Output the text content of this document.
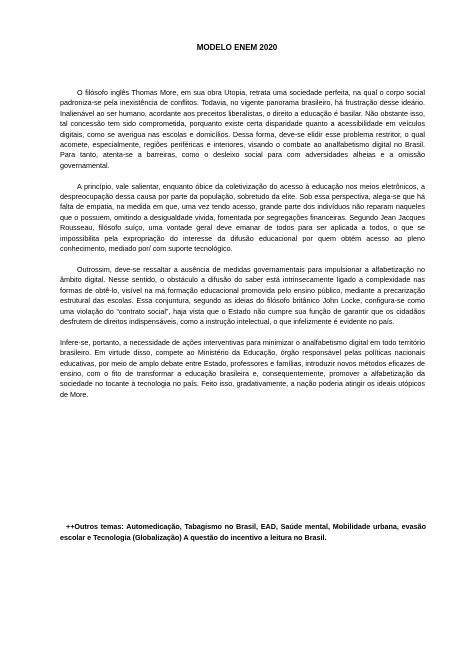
MODELO ENEM 2020

O filósofo inglês Thomas More, em sua obra Utopia, retrata uma sociedade perfeita, na qual o corpo social padroniza-se pela inexistência de conflitos. Todavia, no vigente panorama brasileiro, há frustração desse ideário. Inalienável ao ser humano, acordante aos preceitos liberalistas, o direito a educação é basilar. Não obstante isso, tal concessão tem sido comprometida, porquanto existe certa disparidade quanto a acessibilidade em veículos digitais, como se averigua nas escolas e domicílios. Dessa forma, deve-se elidir esse problema restritor, o qual acomete, especialmente, regiões periféricas e interiores, visando o combate ao analfabetismo digital no Brasil. Para tanto, atenta-se a barreiras, como o desleixo social para com adversidades alheias e a omissão governamental.

A princípio, vale salientar, enquanto óbice da coletivização do acesso à educação nos meios eletrônicos, a despreocupação dessa causa por parte da população, sobretudo da elite. Sob essa perspectiva, alega-se que há falta de empatia, na medida em que, uma vez tendo acesso, grande parte dos indivíduos não reparam naqueles que o possuem, omitindo a desigualdade vivida, fomentada por segregações financeiras. Segundo Jean Jacques Rousseau, filósofo suíço, uma vontade geral deve emanar de todos para ser aplicada a todos, o que se impossibilita pela expropriação do interesse da difusão educacional por quem obtém acesso ao pleno conhecimento, mediado por/ com suporte tecnológico.

Outrossim, deve-se ressaltar a ausência de medidas governamentais para impulsionar a alfabetização no âmbito digital. Nesse sentido, o obstáculo a difusão do saber está intrinsecamente ligado a complexidade nas formas de obtê-lo, visível na má formação educacional promovida pelo ensino público, mediante a precarização estrutural das escolas. Essa conjuntura, segundo as ideias do filósofo britânico John Locke, configura-se como uma violação do “contrato social”, haja vista que o Estado não cumpre sua função de garantir que os cidadãos desfrutem de direitos indispensáveis, como a instrução intelectual, o que infelizmente é evidente no país.

Infere-se, portanto, a necessidade de ações interventivas para minimizar o analfabetismo digital em todo território brasileiro. Em virtude disso, compete ao Ministério da Educação, órgão responsável pelas políticas nacionais educativas, por meio de amplo debate entre Estado, professores e famílias, introduzir novos métodos eficazes de ensino, com o fito de transformar a educação brasileira e, consequentemente, promover a alfabetização da sociedade no tocante à tecnologia no país. Feito isso, gradativamente, a nação poderia atingir os ideais utópicos de More.

++Outros temas: Automedicação, Tabagismo no Brasil, EAD, Saúde mental, Mobilidade urbana, evasão escolar e Tecnologia (Globalização) A questão do incentivo a leitura no Brasil.
